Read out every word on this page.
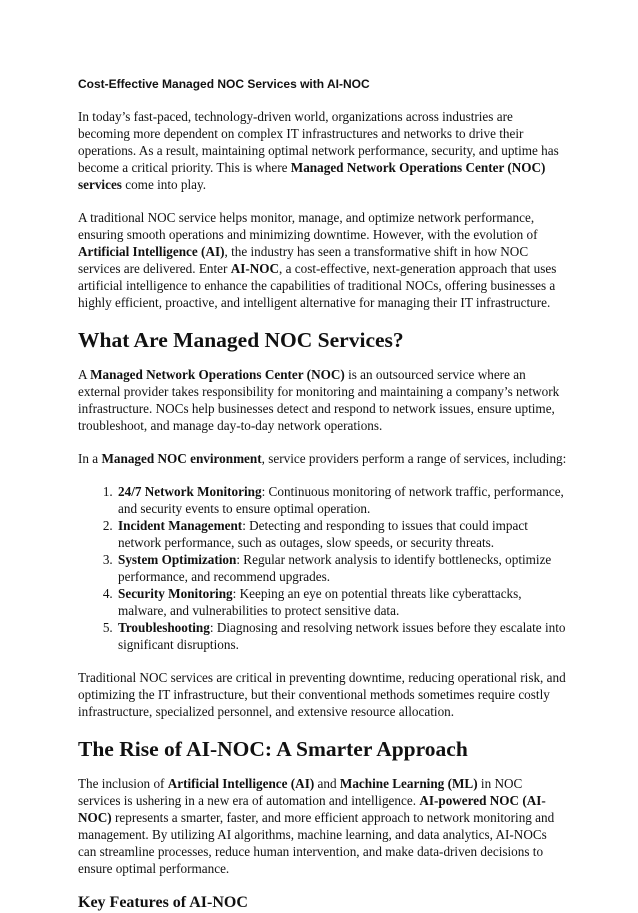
Cost-Effective Managed NOC Services with AI-NOC

In today’s fast-paced, technology-driven world, organizations across industries are becoming more dependent on complex IT infrastructures and networks to drive their operations. As a result, maintaining optimal network performance, security, and uptime has become a critical priority. This is where Managed Network Operations Center (NOC) services come into play.

A traditional NOC service helps monitor, manage, and optimize network performance, ensuring smooth operations and minimizing downtime. However, with the evolution of Artificial Intelligence (AI), the industry has seen a transformative shift in how NOC services are delivered. Enter AI-NOC, a cost-effective, next-generation approach that uses artificial intelligence to enhance the capabilities of traditional NOCs, offering businesses a highly efficient, proactive, and intelligent alternative for managing their IT infrastructure.

What Are Managed NOC Services?

A Managed Network Operations Center (NOC) is an outsourced service where an external provider takes responsibility for monitoring and maintaining a company’s network infrastructure. NOCs help businesses detect and respond to network issues, ensure uptime, troubleshoot, and manage day-to-day network operations.

In a Managed NOC environment, service providers perform a range of services, including:

1. 24/7 Network Monitoring: Continuous monitoring of network traffic, performance, and security events to ensure optimal operation.
2. Incident Management: Detecting and responding to issues that could impact network performance, such as outages, slow speeds, or security threats.
3. System Optimization: Regular network analysis to identify bottlenecks, optimize performance, and recommend upgrades.
4. Security Monitoring: Keeping an eye on potential threats like cyberattacks, malware, and vulnerabilities to protect sensitive data.
5. Troubleshooting: Diagnosing and resolving network issues before they escalate into significant disruptions.

Traditional NOC services are critical in preventing downtime, reducing operational risk, and optimizing the IT infrastructure, but their conventional methods sometimes require costly infrastructure, specialized personnel, and extensive resource allocation.

The Rise of AI-NOC: A Smarter Approach

The inclusion of Artificial Intelligence (AI) and Machine Learning (ML) in NOC services is ushering in a new era of automation and intelligence. AI-powered NOC (AI-NOC) represents a smarter, faster, and more efficient approach to network monitoring and management. By utilizing AI algorithms, machine learning, and data analytics, AI-NOCs can streamline processes, reduce human intervention, and make data-driven decisions to ensure optimal performance.

Key Features of AI-NOC
